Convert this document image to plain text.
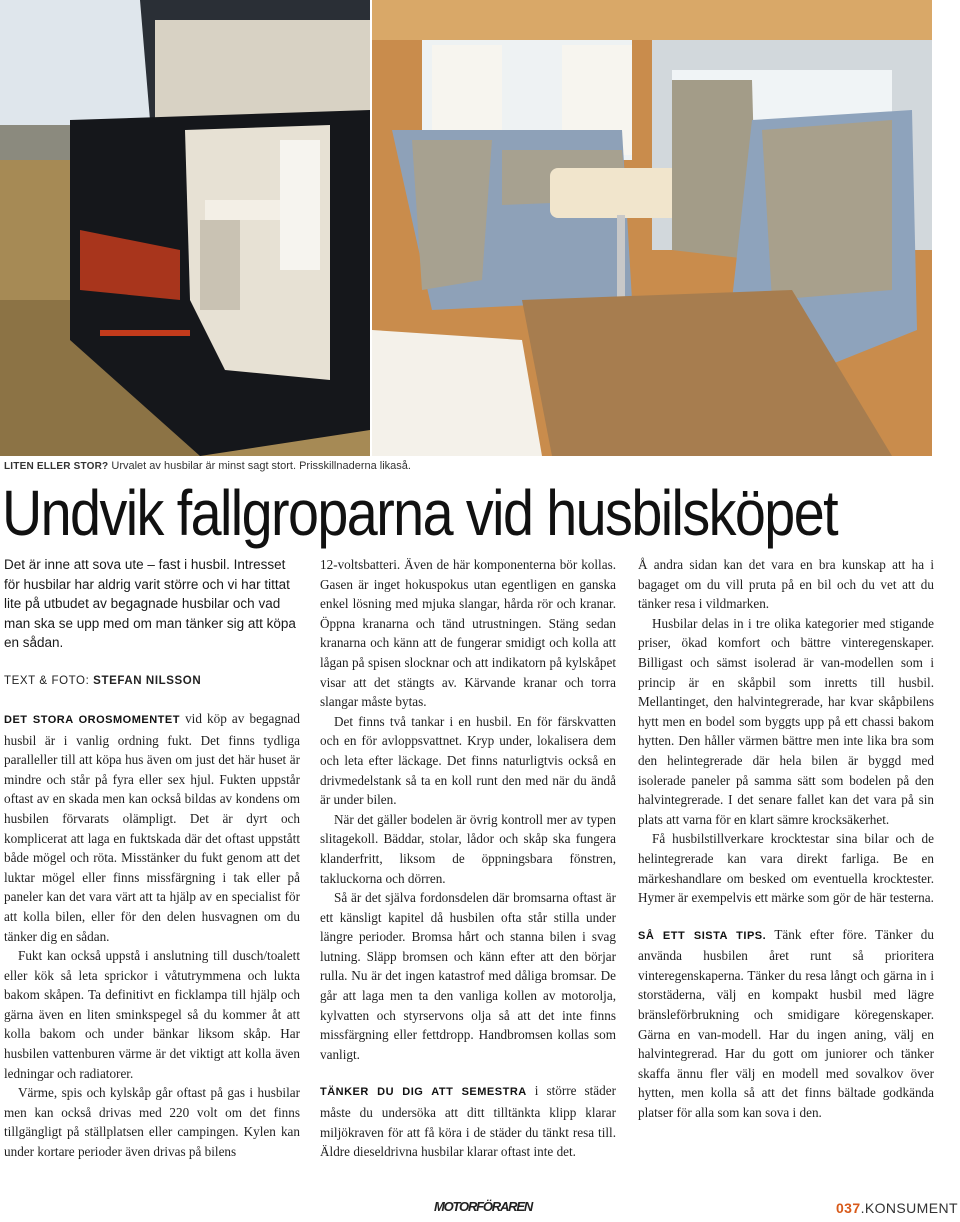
LITEN ELLER STOR? Urvalet av husbilar är minst sagt stort. Prisskillnaderna likaså.
Undvik fallgroparna vid husbilsköpet

Det är inne att sova ute – fast i husbil. Intresset för husbilar har aldrig varit större och vi har tittat lite på utbudet av begagnade husbilar och vad man ska se upp med om man tänker sig att köpa en sådan.

TEXT & FOTO: STEFAN NILSSON

DET STORA OROSMOMENTET vid köp av begagnad husbil är i vanlig ordning fukt. Det finns tydliga paralleller till att köpa hus även om just det här huset är mindre och står på fyra eller sex hjul. Fukten uppstår oftast av en skada men kan också bildas av kondens om husbilen förvarats olämpligt. Det är dyrt och komplicerat att laga en fuktskada där det oftast uppstått både mögel och röta. Misstänker du fukt genom att det luktar mögel eller finns missfärgning i tak eller på paneler kan det vara värt att ta hjälp av en specialist för att kolla bilen, eller för den delen husvagnen om du tänker dig en sådan.

Fukt kan också uppstå i anslutning till dusch/toalett eller kök så leta sprickor i våtutrymmena och lukta bakom skåpen. Ta definitivt en ficklampa till hjälp och gärna även en liten sminkspegel så du kommer åt att kolla bakom och under bänkar liksom skåp. Har husbilen vattenburen värme är det viktigt att kolla även ledningar och radiatorer.

Värme, spis och kylskåp går oftast på gas i husbilar men kan också drivas med 220 volt om det finns tillgängligt på ställplatsen eller campingen. Kylen kan under kortare perioder även drivas på bilens

12-voltsbatteri. Även de här komponenterna bör kollas. Gasen är inget hokuspokus utan egentligen en ganska enkel lösning med mjuka slangar, hårda rör och kranar. Öppna kranarna och tänd utrustningen. Stäng sedan kranarna och känn att de fungerar smidigt och kolla att lågan på spisen slocknar och att indikatorn på kylskåpet visar att det stängts av. Kärvande kranar och torra slangar måste bytas.

Det finns två tankar i en husbil. En för färskvatten och en för avloppsvattnet. Kryp under, lokalisera dem och leta efter läckage. Det finns naturligtvis också en drivmedelstank så ta en koll runt den med när du ändå är under bilen.

När det gäller bodelen är övrig kontroll mer av typen slitagekoll. Bäddar, stolar, lådor och skåp ska fungera klanderfritt, liksom de öppningsbara fönstren, takluckorna och dörren.

Så är det själva fordonsdelen där bromsarna oftast är ett känsligt kapitel då husbilen ofta står stilla under längre perioder. Bromsa hårt och stanna bilen i svag lutning. Släpp bromsen och känn efter att den börjar rulla. Nu är det ingen katastrof med dåliga bromsar. De går att laga men ta den vanliga kollen av motorolja, kylvatten och styrservons olja så att det inte finns missfärgning eller fettdropp. Handbromsen kollas som vanligt.

TÄNKER DU DIG ATT SEMESTRA i större städer måste du undersöka att ditt tilltänkta klipp klarar miljökraven för att få köra i de städer du tänkt resa till. Äldre dieseldrivna husbilar klarar oftast inte det.

Å andra sidan kan det vara en bra kunskap att ha i bagaget om du vill pruta på en bil och du vet att du tänker resa i vildmarken.

Husbilar delas in i tre olika kategorier med stigande priser, ökad komfort och bättre vinteregenskaper. Billigast och sämst isolerad är van-modellen som i princip är en skåpbil som inretts till husbil. Mellantinget, den halvintegrerade, har kvar skåpbilens hytt men en bodel som byggts upp på ett chassi bakom hytten. Den håller värmen bättre men inte lika bra som den helintegrerade där hela bilen är byggd med isolerade paneler på samma sätt som bodelen på den halvintegrerade. I det senare fallet kan det vara på sin plats att varna för en klart sämre krocksäkerhet.

Få husbilstillverkare krocktestar sina bilar och de helintegrerade kan vara direkt farliga. Be en märkeshandlare om besked om eventuella krocktester. Hymer är exempelvis ett märke som gör de här testerna.

SÅ ETT SISTA TIPS. Tänk efter före. Tänker du använda husbilen året runt så prioritera vinteregenskaperna. Tänker du resa långt och gärna in i storstäderna, välj en kompakt husbil med lägre bränsleförbrukning och smidigare köregenskaper. Gärna en van-modell. Har du ingen aning, välj en halvintegrerad. Har du gott om juniorer och tänker skaffa ännu fler välj en modell med sovalkov över hytten, men kolla så att det finns bältade godkända platser för alla som kan sova i den.

MOTORFÖRAREN	037.KONSUMENT
